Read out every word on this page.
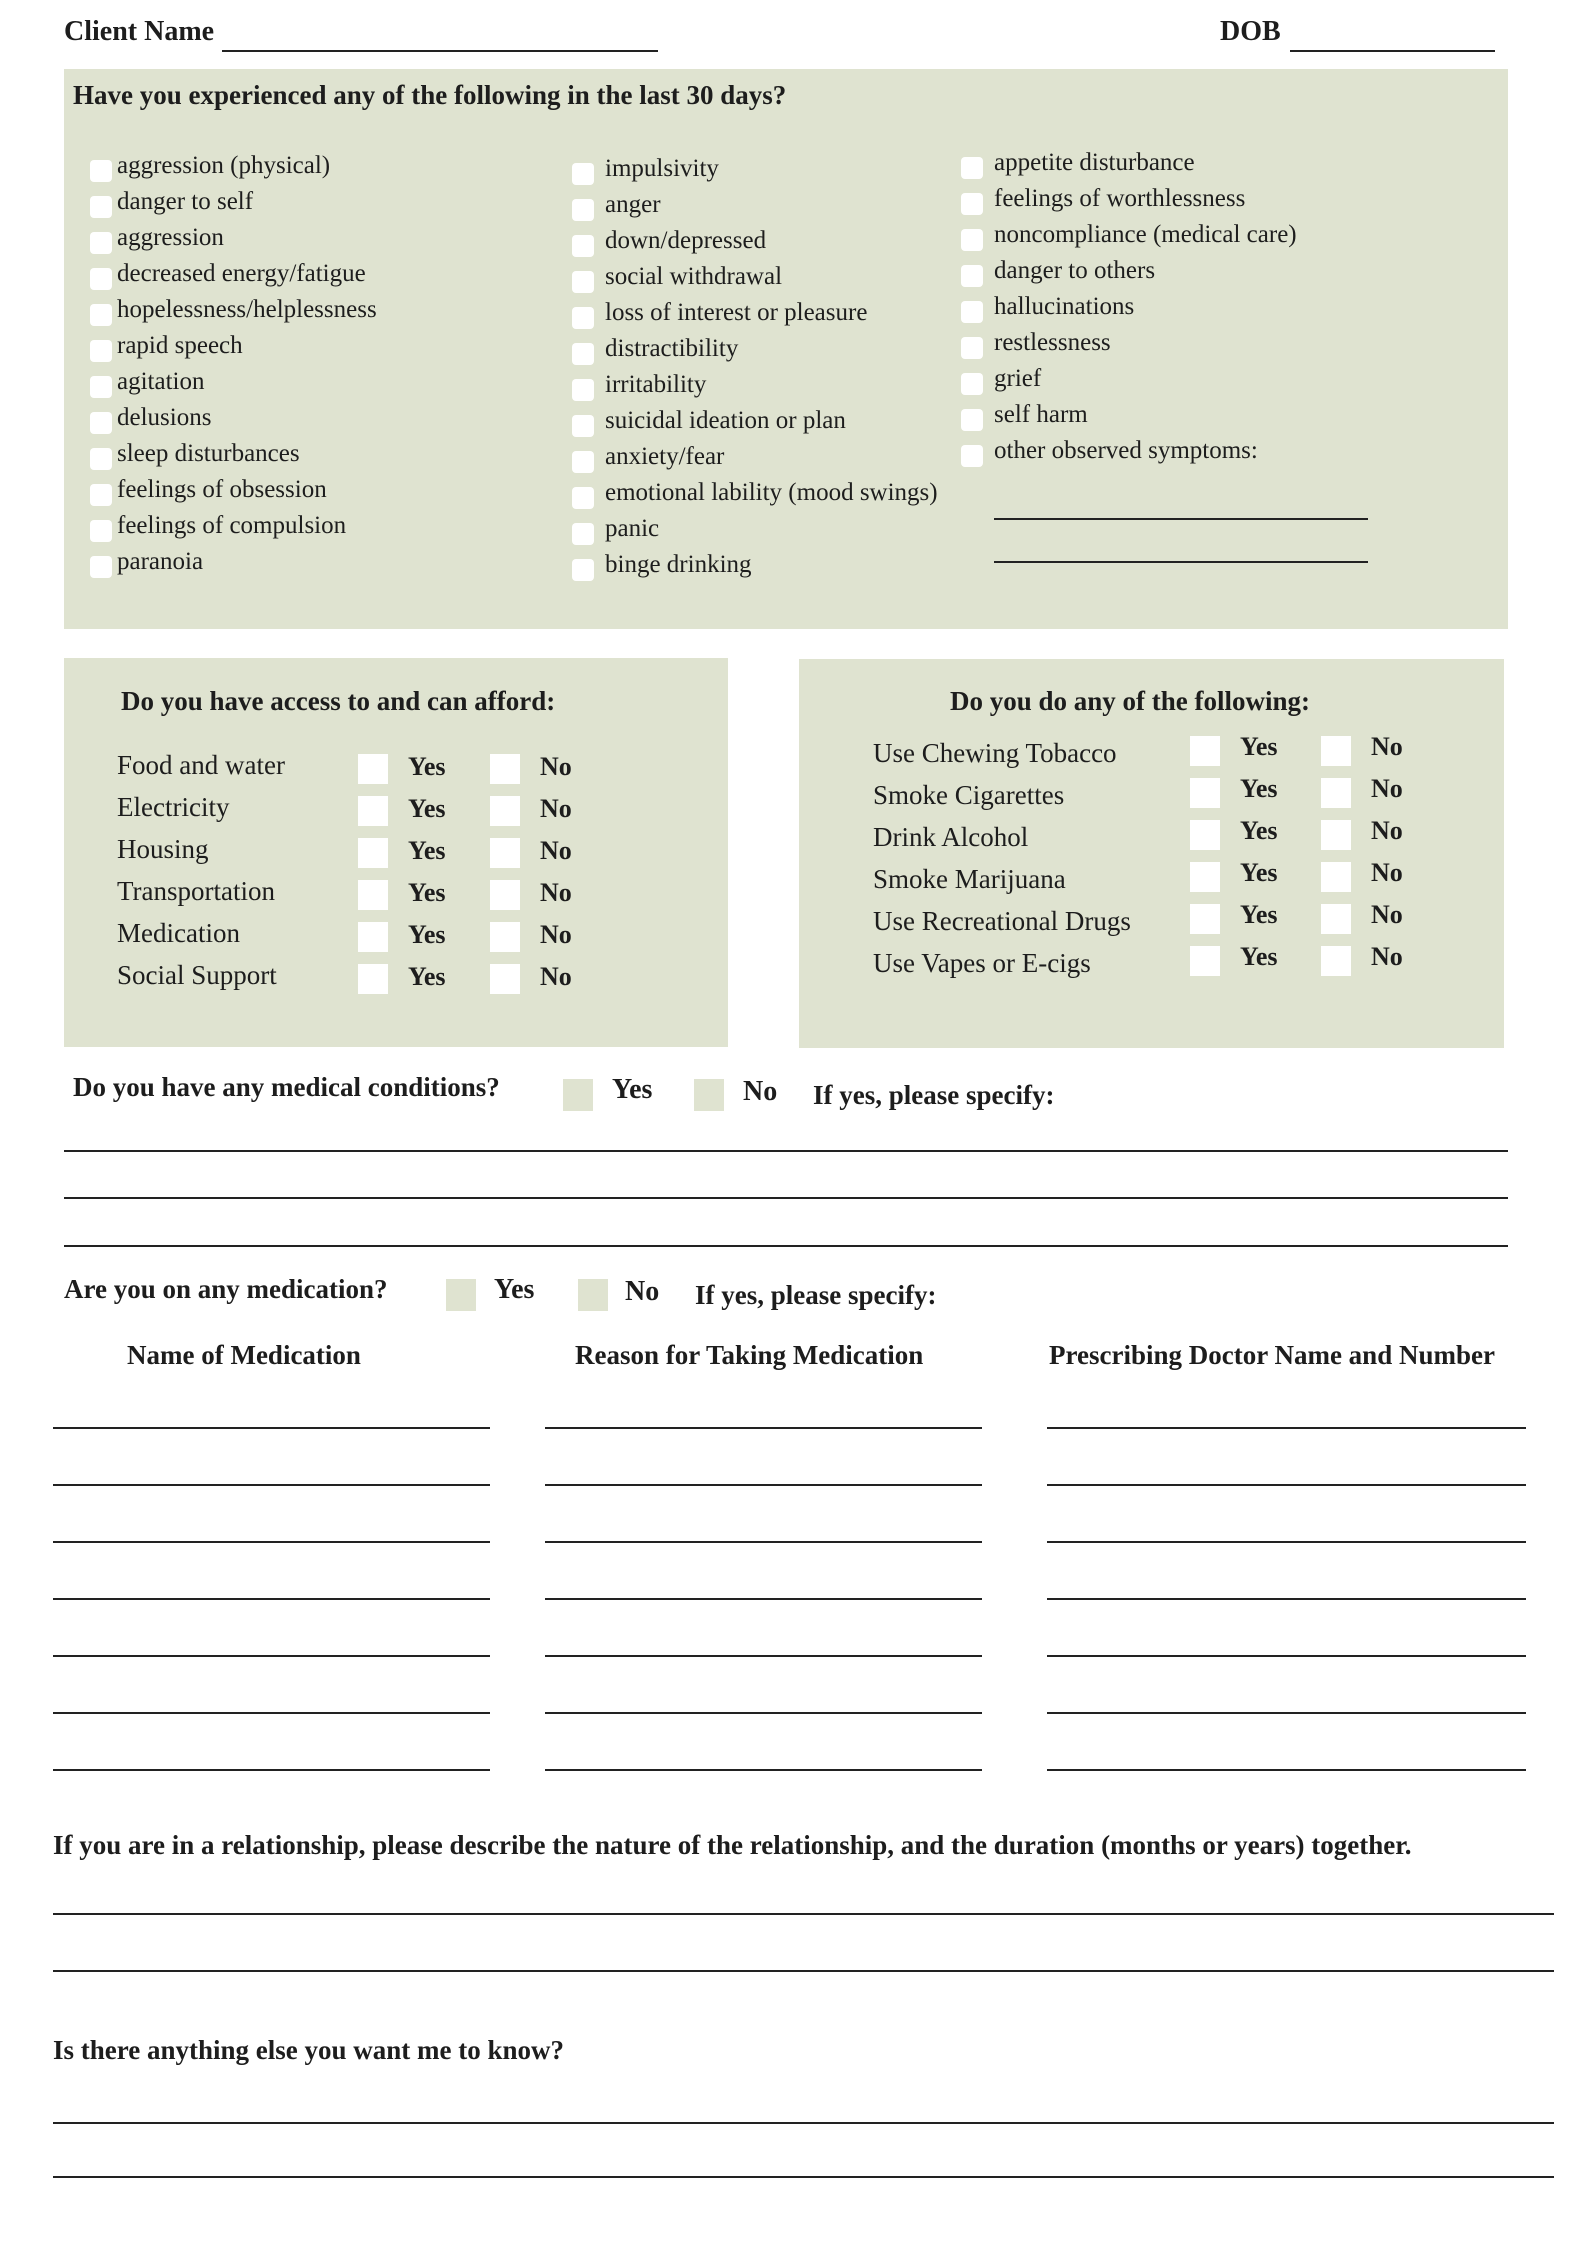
Client Name	DOB
Have you experienced any of the following in the last 30 days?
aggression (physical)
danger to self
aggression
decreased energy/fatigue
hopelessness/helplessness
rapid speech
agitation
delusions
sleep disturbances
feelings of obsession
feelings of compulsion
paranoia
impulsivity
anger
down/depressed
social withdrawal
loss of interest or pleasure
distractibility
irritability
suicidal ideation or plan
anxiety/fear
emotional lability (mood swings)
panic
binge drinking
appetite disturbance
feelings of worthlessness
noncompliance (medical care)
danger to others
hallucinations
restlessness
grief
self harm
other observed symptoms:
Do you have access to and can afford:
Food and water	Yes	No
Electricity	Yes	No
Housing	Yes	No
Transportation	Yes	No
Medication	Yes	No
Social Support	Yes	No
Do you do any of the following:
Use Chewing Tobacco	Yes	No
Smoke Cigarettes	Yes	No
Drink Alcohol	Yes	No
Smoke Marijuana	Yes	No
Use Recreational Drugs	Yes	No
Use Vapes or E-cigs	Yes	No
Do you have any medical conditions?	Yes	No If yes, please specify:
Are you on any medication?	Yes	No If yes, please specify:
Name of Medication	Reason for Taking Medication	Prescribing Doctor Name and Number
If you are in a relationship, please describe the nature of the relationship, and the duration (months or years) together.
Is there anything else you want me to know?
